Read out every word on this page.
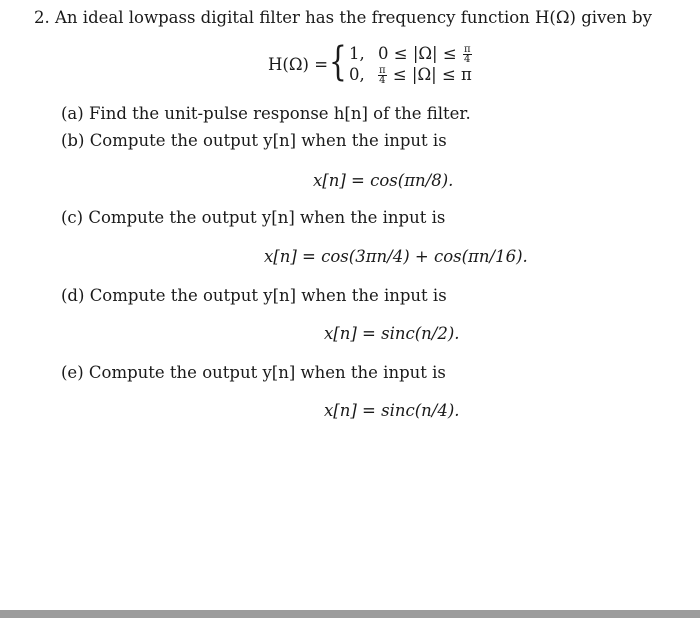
2. An ideal lowpass digital filter has the frequency function H(Ω) given by
H(Ω) = { 1, $0 \le |\Omega| \le \frac{\pi}{4}$
0, $\frac{\pi}{4} \le |\Omega| \le \pi$
(a) Find the unit-pulse response h[n] of the filter.
(b) Compute the output y[n] when the input is
x[n] = cos(πn/8).
(c) Compute the output y[n] when the input is
x[n] = cos(3πn/4) + cos(πn/16).
(d) Compute the output y[n] when the input is
x[n] = sinc(n/2).
(e) Compute the output y[n] when the input is
x[n] = sinc(n/4).
